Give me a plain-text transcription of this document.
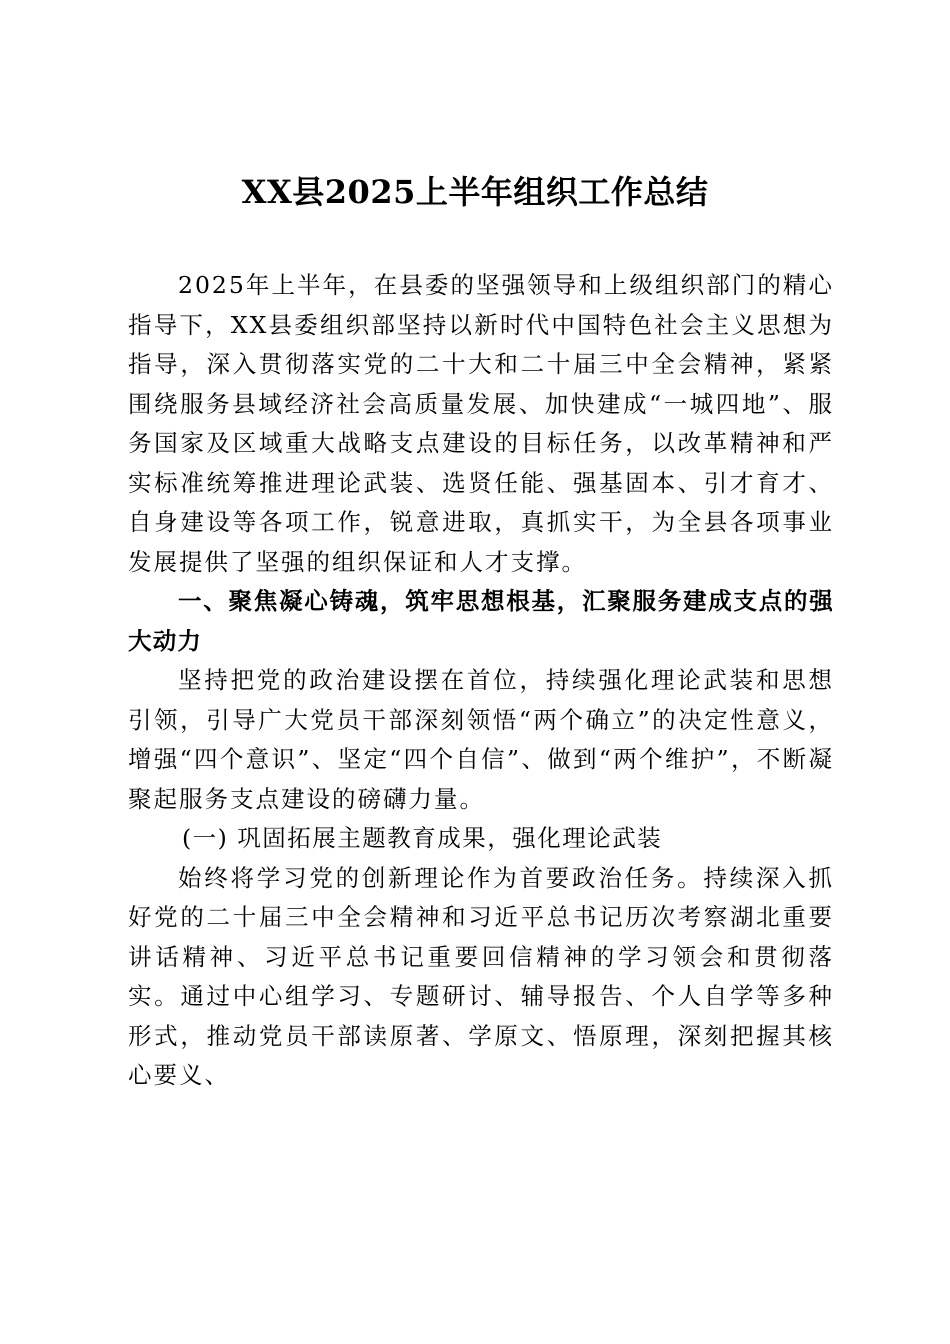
XX县2025上半年组织工作总结

2025年上半年，在县委的坚强领导和上级组织部门的精心指导下，XX县委组织部坚持以新时代中国特色社会主义思想为指导，深入贯彻落实党的二十大和二十届三中全会精神，紧紧围绕服务县域经济社会高质量发展、加快建成“一城四地”、服务国家及区域重大战略支点建设的目标任务，以改革精神和严实标准统筹推进理论武装、选贤任能、强基固本、引才育才、自身建设等各项工作，锐意进取，真抓实干，为全县各项事业发展提供了坚强的组织保证和人才支撑。

一、聚焦凝心铸魂，筑牢思想根基，汇聚服务建成支点的强大动力

坚持把党的政治建设摆在首位，持续强化理论武装和思想引领，引导广大党员干部深刻领悟“两个确立”的决定性意义，增强“四个意识”、坚定“四个自信”、做到“两个维护”，不断凝聚起服务支点建设的磅礴力量。

(一) 巩固拓展主题教育成果，强化理论武装

始终将学习党的创新理论作为首要政治任务。持续深入抓好党的二十届三中全会精神和习近平总书记历次考察湖北重要讲话精神、习近平总书记重要回信精神的学习领会和贯彻落实。通过中心组学习、专题研讨、辅导报告、个人自学等多种形式，推动党员干部读原著、学原文、悟原理，深刻把握其核心要义、
